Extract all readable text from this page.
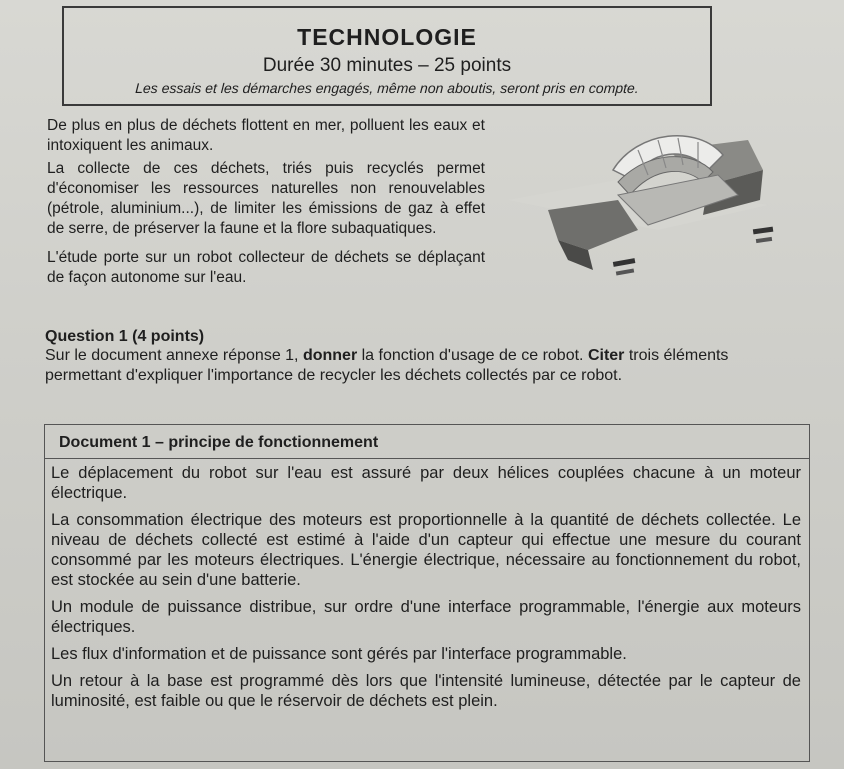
TECHNOLOGIE
Durée 30 minutes – 25 points
Les essais et les démarches engagés, même non aboutis, seront pris en compte.

De plus en plus de déchets flottent en mer, polluent les eaux et intoxiquent les animaux.

La collecte de ces déchets, triés puis recyclés permet d'économiser les ressources naturelles non renouvelables (pétrole, aluminium...), de limiter les émissions de gaz à effet de serre, de préserver la faune et la flore subaquatiques.

L'étude porte sur un robot collecteur de déchets se déplaçant de façon autonome sur l'eau.

Question 1 (4 points)
Sur le document annexe réponse 1, donner la fonction d'usage de ce robot. Citer trois éléments permettant d'expliquer l'importance de recycler les déchets collectés par ce robot.
Document 1 – principe de fonctionnement

Le déplacement du robot sur l'eau est assuré par deux hélices couplées chacune à un moteur électrique.

La consommation électrique des moteurs est proportionnelle à la quantité de déchets collectée. Le niveau de déchets collecté est estimé à l'aide d'un capteur qui effectue une mesure du courant consommé par les moteurs électriques. L'énergie électrique, nécessaire au fonctionnement du robot, est stockée au sein d'une batterie.

Un module de puissance distribue, sur ordre d'une interface programmable, l'énergie aux moteurs électriques.

Les flux d'information et de puissance sont gérés par l'interface programmable.

Un retour à la base est programmé dès lors que l'intensité lumineuse, détectée par le capteur de luminosité, est faible ou que le réservoir de déchets est plein.
